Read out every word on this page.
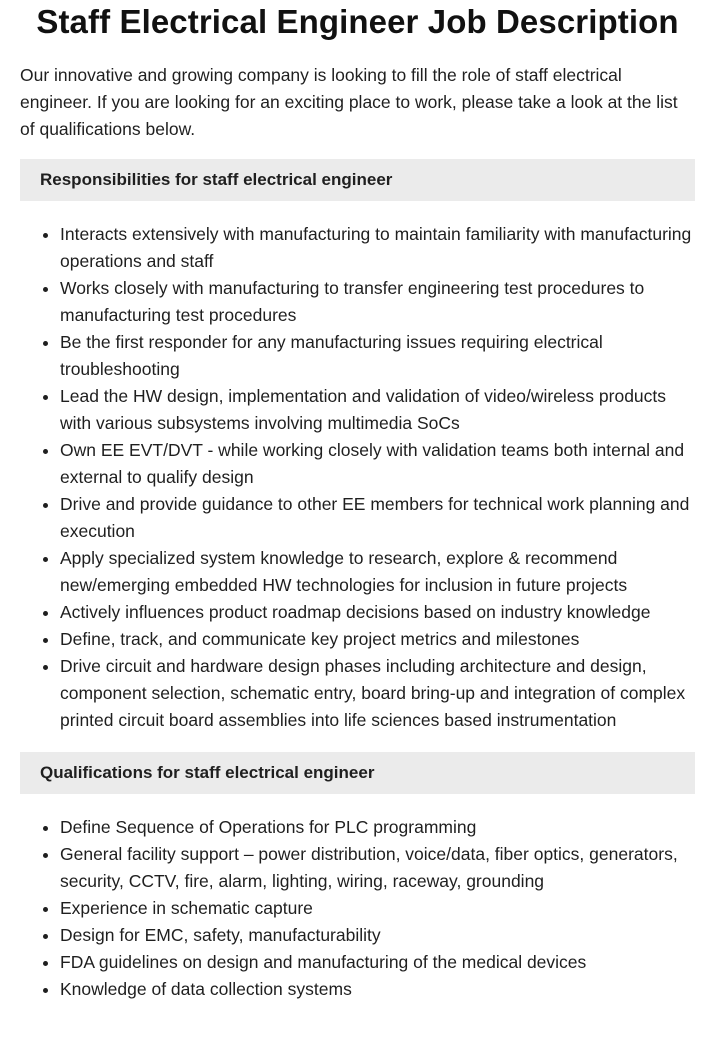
Staff Electrical Engineer Job Description

Our innovative and growing company is looking to fill the role of staff electrical engineer. If you are looking for an exciting place to work, please take a look at the list of qualifications below.

Responsibilities for staff electrical engineer
• Interacts extensively with manufacturing to maintain familiarity with manufacturing operations and staff
• Works closely with manufacturing to transfer engineering test procedures to manufacturing test procedures
• Be the first responder for any manufacturing issues requiring electrical troubleshooting
• Lead the HW design, implementation and validation of video/wireless products with various subsystems involving multimedia SoCs
• Own EE EVT/DVT - while working closely with validation teams both internal and external to qualify design
• Drive and provide guidance to other EE members for technical work planning and execution
• Apply specialized system knowledge to research, explore & recommend new/emerging embedded HW technologies for inclusion in future projects
• Actively influences product roadmap decisions based on industry knowledge
• Define, track, and communicate key project metrics and milestones
• Drive circuit and hardware design phases including architecture and design, component selection, schematic entry, board bring-up and integration of complex printed circuit board assemblies into life sciences based instrumentation
Qualifications for staff electrical engineer
• Define Sequence of Operations for PLC programming
• General facility support – power distribution, voice/data, fiber optics, generators, security, CCTV, fire, alarm, lighting, wiring, raceway, grounding
• Experience in schematic capture
• Design for EMC, safety, manufacturability
• FDA guidelines on design and manufacturing of the medical devices
• Knowledge of data collection systems
